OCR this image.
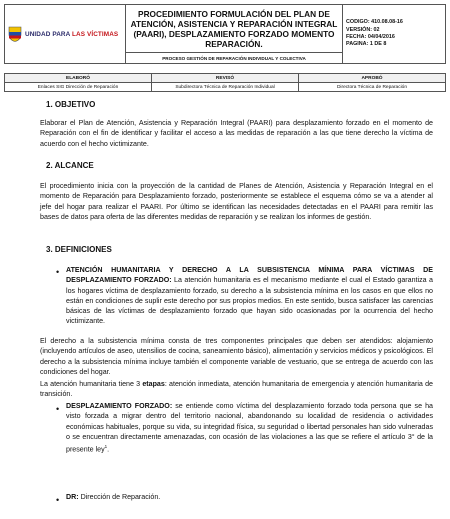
UNIDAD PARA LAS VÍCTIMAS
	PROCEDIMIENTO FORMULACIÓN DEL PLAN DE ATENCIÓN, ASISTENCIA Y REPARACIÓN INTEGRAL (PAARI), DESPLAZAMIENTO FORZADO MOMENTO REPARACIÓN.	
CODIGO: 410.08.08-16
VERSIÓN: 02
FECHA: 04/04/2016
PAGINA: 1 DE 8

PROCESO GESTIÓN DE REPARACIÓN INDIVIDUAL Y COLECTIVA
ELABORÓ	REVISÓ	APROBÓ
Enlaces SIG Dirección de Reparación	Subdirectora Técnica de Reparación Individual	Directora Técnica de Reparación
1. OBJETIVO
Elaborar el Plan de Atención, Asistencia y Reparación Integral (PAARI) para desplazamiento forzado en el momento de Reparación con el fin de identificar y facilitar el acceso a las medidas de reparación a las que tiene derecho la víctima de acuerdo con el hecho victimizante.
2. ALCANCE
El procedimiento inicia con la proyección de la cantidad de Planes de Atención, Asistencia y Reparación Integral en el momento de Reparación para Desplazamiento forzado, posteriormente se establece el esquema cómo se va a atender al jefe del hogar para realizar el PAARI. Por último se identifican las necesidades detectadas en el PAARI para remitir las bases de datos para oferta de las diferentes medidas de reparación y se realizan los informes de gestión.
3. DEFINICIONES
• ATENCIÓN HUMANITARIA Y DERECHO A LA SUBSISTENCIA MÍNIMA PARA VÍCTIMAS DE DESPLAZAMIENTO FORZADO: La atención humanitaria es el mecanismo mediante el cual el Estado garantiza a los hogares víctima de desplazamiento forzado, su derecho a la subsistencia mínima en los casos en que ellos no están en condiciones de suplir este derecho por sus propios medios. En este sentido, busca satisfacer las carencias básicas de las víctimas de desplazamiento forzado que hayan sido ocasionadas por la ocurrencia del hecho victimizante.
El derecho a la subsistencia mínima consta de tres componentes principales que deben ser atendidos: alojamiento (incluyendo artículos de aseo, utensilios de cocina, saneamiento básico), alimentación y servicios médicos y psicológicos. El derecho a la subsistencia mínima incluye también el componente variable de vestuario, que se entrega de acuerdo con las condiciones del hogar.
La atención humanitaria tiene 3 etapas: atención inmediata, atención humanitaria de emergencia y atención humanitaria de transición.
• DESPLAZAMIENTO FORZADO: se entiende como víctima del desplazamiento forzado toda persona que se ha visto forzada a migrar dentro del territorio nacional, abandonando su localidad de residencia o actividades económicas habituales, porque su vida, su integridad física, su seguridad o libertad personales han sido vulneradas o se encuentran directamente amenazadas, con ocasión de las violaciones a las que se refiere el artículo 3° de la presente ley$^1$.
• DR: Dirección de Reparación.
